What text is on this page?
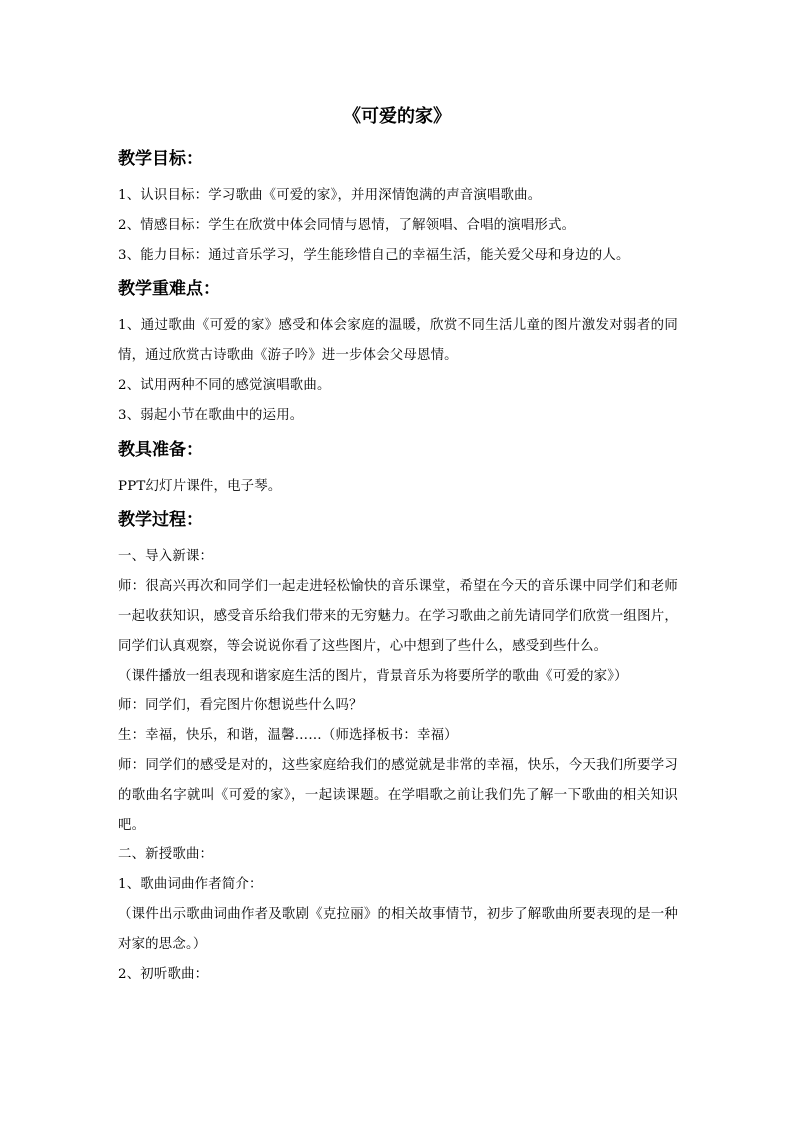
《可爱的家》

教学目标：

1、认识目标：学习歌曲《可爱的家》，并用深情饱满的声音演唱歌曲。

2、情感目标：学生在欣赏中体会同情与恩情，了解领唱、合唱的演唱形式。

3、能力目标：通过音乐学习，学生能珍惜自己的幸福生活，能关爱父母和身边的人。

教学重难点：

1、通过歌曲《可爱的家》感受和体会家庭的温暖，欣赏不同生活儿童的图片激发对弱者的同情，通过欣赏古诗歌曲《游子吟》进一步体会父母恩情。

2、试用两种不同的感觉演唱歌曲。

3、弱起小节在歌曲中的运用。

教具准备：

PPT幻灯片课件，电子琴。

教学过程：

一、导入新课：

师：很高兴再次和同学们一起走进轻松愉快的音乐课堂，希望在今天的音乐课中同学们和老师一起收获知识，感受音乐给我们带来的无穷魅力。在学习歌曲之前先请同学们欣赏一组图片，同学们认真观察，等会说说你看了这些图片，心中想到了些什么，感受到些什么。

（课件播放一组表现和谐家庭生活的图片，背景音乐为将要所学的歌曲《可爱的家》）

师：同学们，看完图片你想说些什么吗？

生：幸福，快乐，和谐，温馨……（师选择板书：幸福）

师：同学们的感受是对的，这些家庭给我们的感觉就是非常的幸福，快乐，今天我们所要学习的歌曲名字就叫《可爱的家》，一起读课题。在学唱歌之前让我们先了解一下歌曲的相关知识吧。

二、新授歌曲：

1、歌曲词曲作者简介：

（课件出示歌曲词曲作者及歌剧《克拉丽》的相关故事情节，初步了解歌曲所要表现的是一种对家的思念。）

2、初听歌曲：
